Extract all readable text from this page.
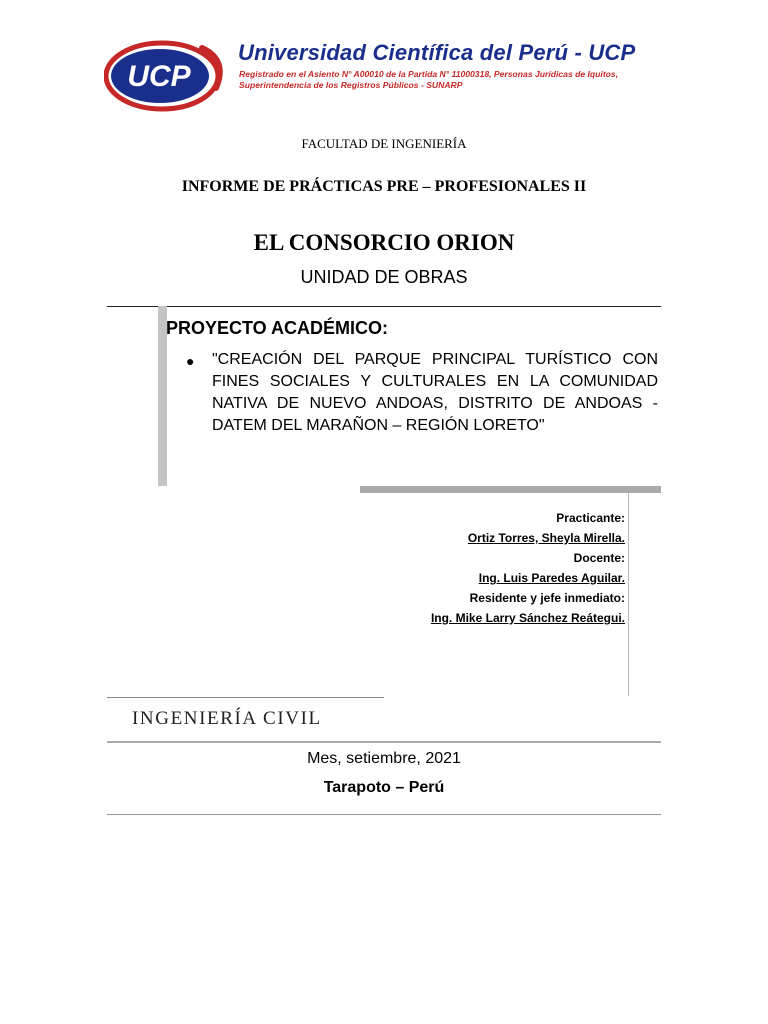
UCP
Universidad Científica del Perú - UCP
Registrado en el Asiento N° A00010 de la Partida N° 11000318, Personas Jurídicas de Iquitos,
Superintendencia de los Registros Públicos - SUNARP
FACULTAD DE INGENIERÍA
INFORME DE PRÁCTICAS PRE – PROFESIONALES II
EL CONSORCIO ORION
UNIDAD DE OBRAS
PROYECTO ACADÉMICO:
● "CREACIÓN DEL PARQUE PRINCIPAL TURÍSTICO CON FINES SOCIALES Y CULTURALES EN LA COMUNIDAD NATIVA DE NUEVO ANDOAS, DISTRITO DE ANDOAS - DATEM DEL MARAÑON – REGIÓN LORETO"
Practicante:
Ortiz Torres, Sheyla Mirella.
Docente:
Ing. Luis Paredes Aguilar.
Residente y jefe inmediato:
Ing. Mike Larry Sánchez Reátegui.
INGENIERÍA CIVIL
Mes, setiembre, 2021
Tarapoto – Perú
